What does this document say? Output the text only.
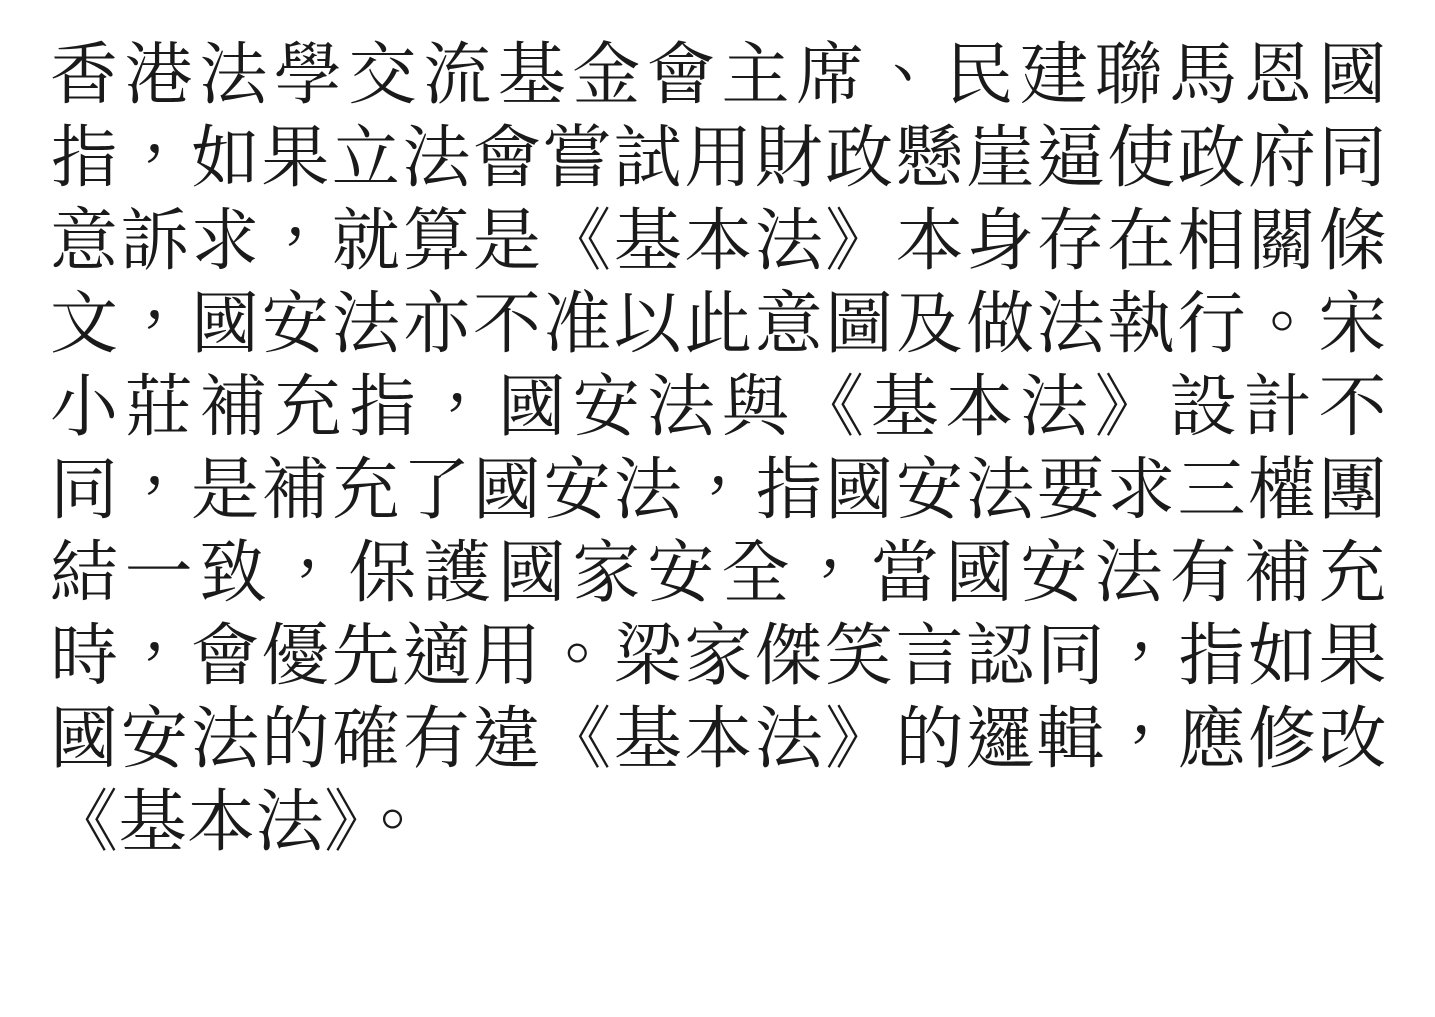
香港法學交流基金會主席、民建聯馬恩國指，如果立法會嘗試用財政懸崖逼使政府同意訴求，就算是《基本法》本身存在相關條文，國安法亦不准以此意圖及做法執行。宋小莊補充指，國安法與《基本法》設計不同，是補充了國安法，指國安法要求三權團結一致，保護國家安全，當國安法有補充時，會優先適用。梁家傑笑言認同，指如果國安法的確有違《基本法》的邏輯，應修改《基本法》。
